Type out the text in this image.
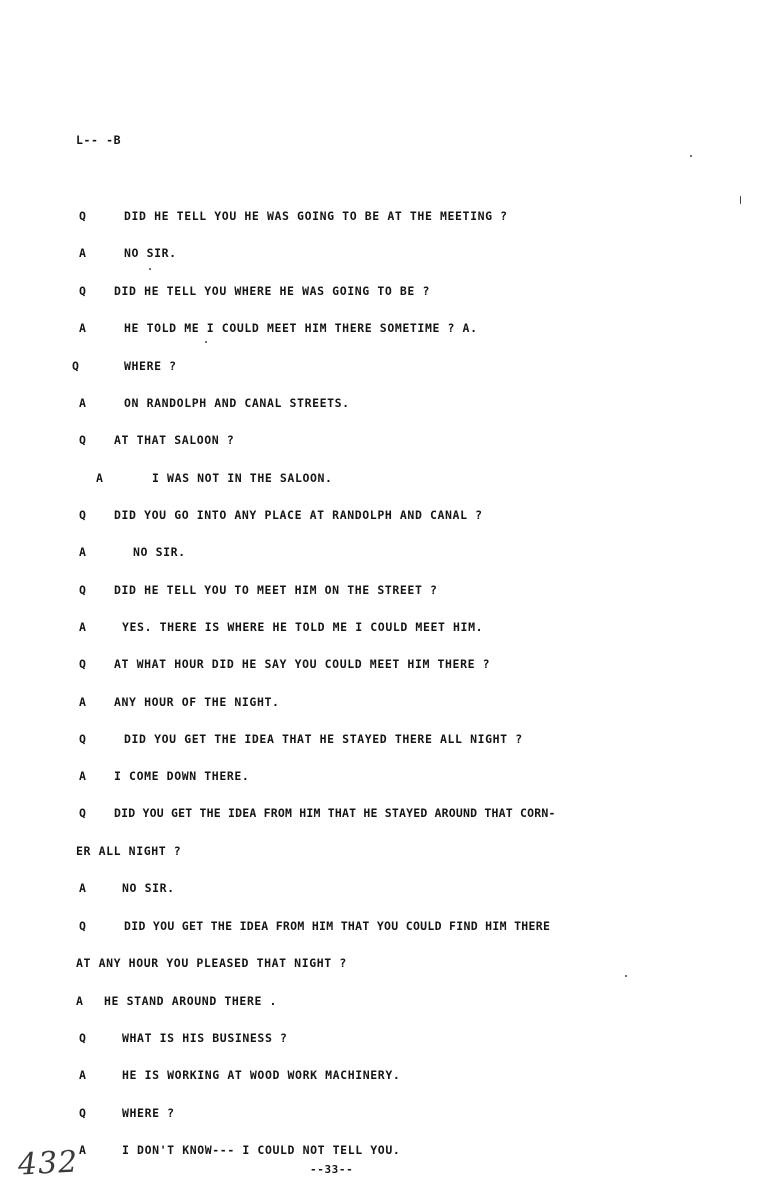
L-- -B
Q	DID HE TELL YOU HE WAS GOING TO BE AT THE MEETING ?
A	NO SIR.
Q DID HE TELL YOU WHERE HE WAS GOING TO BE ?
A	HE TOLD ME I COULD MEET HIM THERE SOMETIME ? A.
Q	WHERE ?
A	ON RANDOLPH AND CANAL STREETS.
Q AT THAT SALOON ?
A	I WAS NOT IN THE SALOON.
Q DID YOU GO INTO ANY PLACE AT RANDOLPH AND CANAL ?
A	NO SIR.
Q DID HE TELL YOU TO MEET HIM ON THE STREET ?
A	YES. THERE IS WHERE HE TOLD ME I COULD MEET HIM.
Q AT WHAT HOUR DID HE SAY YOU COULD MEET HIM THERE ?
A ANY HOUR OF THE NIGHT.
Q	DID YOU GET THE IDEA THAT HE STAYED THERE ALL NIGHT ?
A I COME DOWN THERE.
Q DID YOU GET THE IDEA FROM HIM THAT HE STAYED AROUND THAT CORN-
ER ALL NIGHT ?
A	NO SIR.
Q	DID YOU GET THE IDEA FROM HIM THAT YOU COULD FIND HIM THERE
AT ANY HOUR YOU PLEASED THAT NIGHT ?
A HE STAND AROUND THERE .
Q	WHAT IS HIS BUSINESS ?
A	HE IS WORKING AT WOOD WORK MACHINERY.
Q	WHERE ?
A	I DON'T KNOW--- I COULD NOT TELL YOU.
432	--33--
